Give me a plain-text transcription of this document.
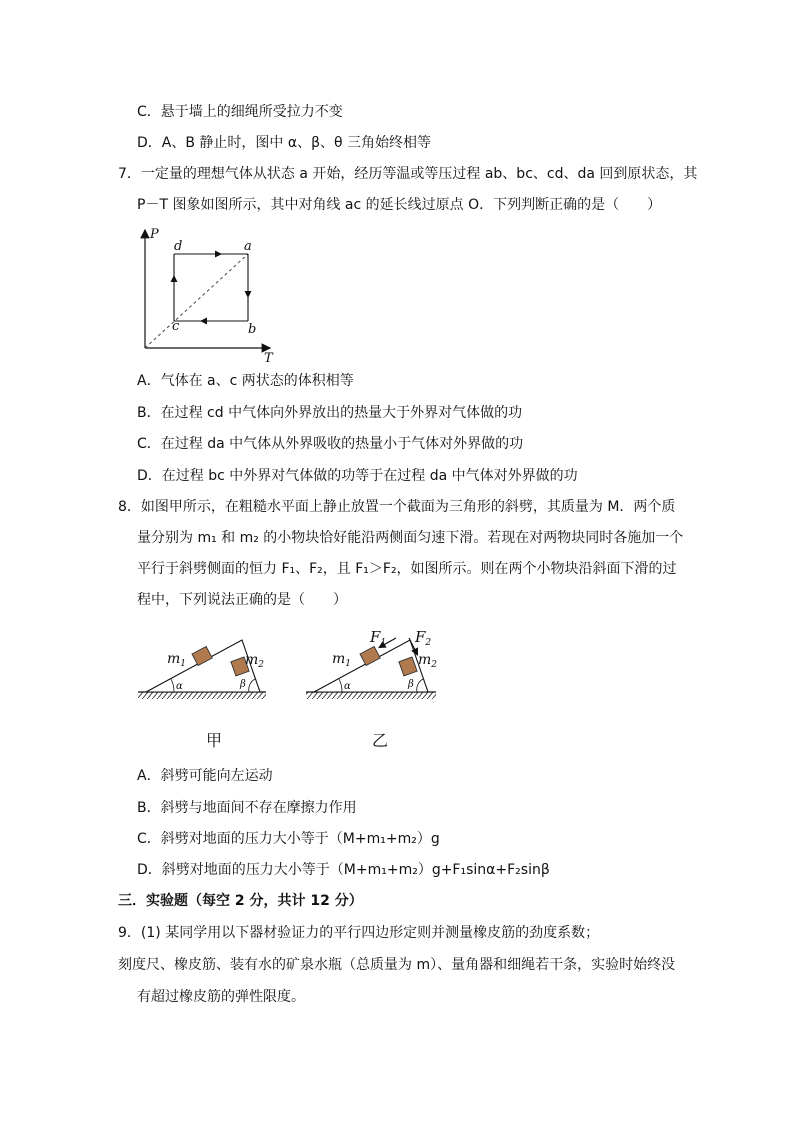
C．悬于墙上的细绳所受拉力不变
D．A、B 静止时，图中 α、β、θ 三角始终相等
7．一定量的理想气体从状态 a 开始，经历等温或等压过程 ab、bc、cd、da 回到原状态，其
P－T 图象如图所示，其中对角线 ac 的延长线过原点 O．下列判断正确的是（　　）
P
T
d	a
b
c
A．气体在 a、c 两状态的体积相等
B．在过程 cd 中气体向外界放出的热量大于外界对气体做的功
C．在过程 da 中气体从外界吸收的热量小于气体对外界做的功
D．在过程 bc 中外界对气体做的功等于在过程 da 中气体对外界做的功
8．如图甲所示，在粗糙水平面上静止放置一个截面为三角形的斜劈，其质量为 M．两个质
量分别为 m₁ 和 m₂ 的小物块恰好能沿两侧面匀速下滑。若现在对两物块同时各施加一个
平行于斜劈侧面的恒力 F₁、F₂，且 F₁＞F₂，如图所示。则在两个小物块沿斜面下滑的过
程中，下列说法正确的是（　　）
$m_1$	$m_2$
α	β
$F_1$ $F_2$
$m_1$	$m_2$
α	β
甲	乙
A．斜劈可能向左运动
B．斜劈与地面间不存在摩擦力作用
C．斜劈对地面的压力大小等于（M+m₁+m₂）g
D．斜劈对地面的压力大小等于（M+m₁+m₂）g+F₁sinα+F₂sinβ
三．实验题（每空 2 分，共计 12 分）
9．(1) 某同学用以下器材验证力的平行四边形定则并测量橡皮筋的劲度系数；
刻度尺、橡皮筋、装有水的矿泉水瓶（总质量为 m）、量角器和细绳若干条，实验时始终没
有超过橡皮筋的弹性限度。
